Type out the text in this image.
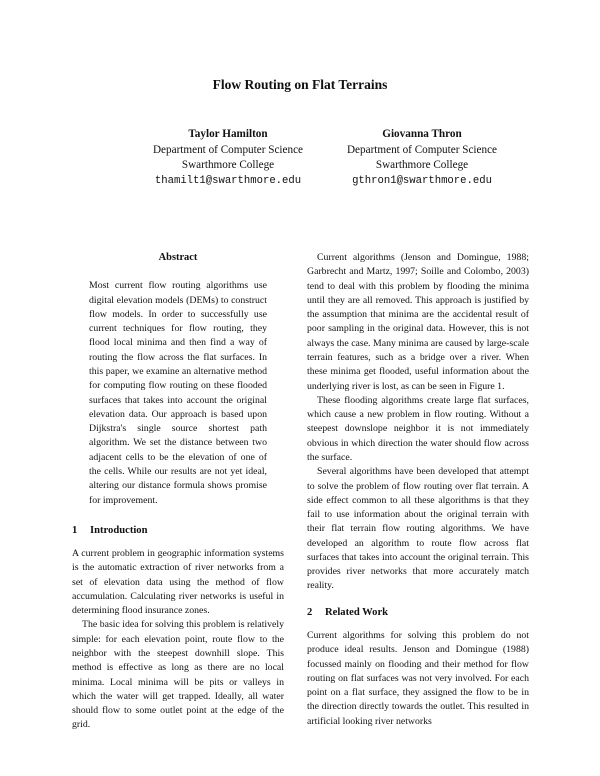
Flow Routing on Flat Terrains
Taylor Hamilton
Department of Computer Science
Swarthmore College
thamilt1@swarthmore.edu
Giovanna Thron
Department of Computer Science
Swarthmore College
gthron1@swarthmore.edu

Abstract

Most current flow routing algorithms use digital elevation models (DEMs) to construct flow models. In order to successfully use current techniques for flow routing, they flood local minima and then find a way of routing the flow across the flat surfaces. In this paper, we examine an alternative method for computing flow routing on these flooded surfaces that takes into account the original elevation data. Our approach is based upon Dijkstra's single source shortest path algorithm. We set the distance between two adjacent cells to be the elevation of one of the cells. While our results are not yet ideal, altering our distance formula shows promise for improvement.

1	Introduction

A current problem in geographic information systems is the automatic extraction of river networks from a set of elevation data using the method of flow accumulation. Calculating river networks is useful in determining flood insurance zones.

The basic idea for solving this problem is relatively simple: for each elevation point, route flow to the neighbor with the steepest downhill slope. This method is effective as long as there are no local minima. Local minima will be pits or valleys in which the water will get trapped. Ideally, all water should flow to some outlet point at the edge of the grid.

Current algorithms (Jenson and Domingue, 1988; Garbrecht and Martz, 1997; Soille and Colombo, 2003) tend to deal with this problem by flooding the minima until they are all removed. This approach is justified by the assumption that minima are the accidental result of poor sampling in the original data. However, this is not always the case. Many minima are caused by large-scale terrain features, such as a bridge over a river. When these minima get flooded, useful information about the underlying river is lost, as can be seen in Figure 1.

These flooding algorithms create large flat surfaces, which cause a new problem in flow routing. Without a steepest downslope neighbor it is not immediately obvious in which direction the water should flow across the surface.

Several algorithms have been developed that attempt to solve the problem of flow routing over flat terrain. A side effect common to all these algorithms is that they fail to use information about the original terrain with their flat terrain flow routing algorithms. We have developed an algorithm to route flow across flat surfaces that takes into account the original terrain. This provides river networks that more accurately match reality.

2	Related Work

Current algorithms for solving this problem do not produce ideal results. Jenson and Domingue (1988) focussed mainly on flooding and their method for flow routing on flat surfaces was not very involved. For each point on a flat surface, they assigned the flow to be in the direction directly towards the outlet. This resulted in artificial looking river networks
